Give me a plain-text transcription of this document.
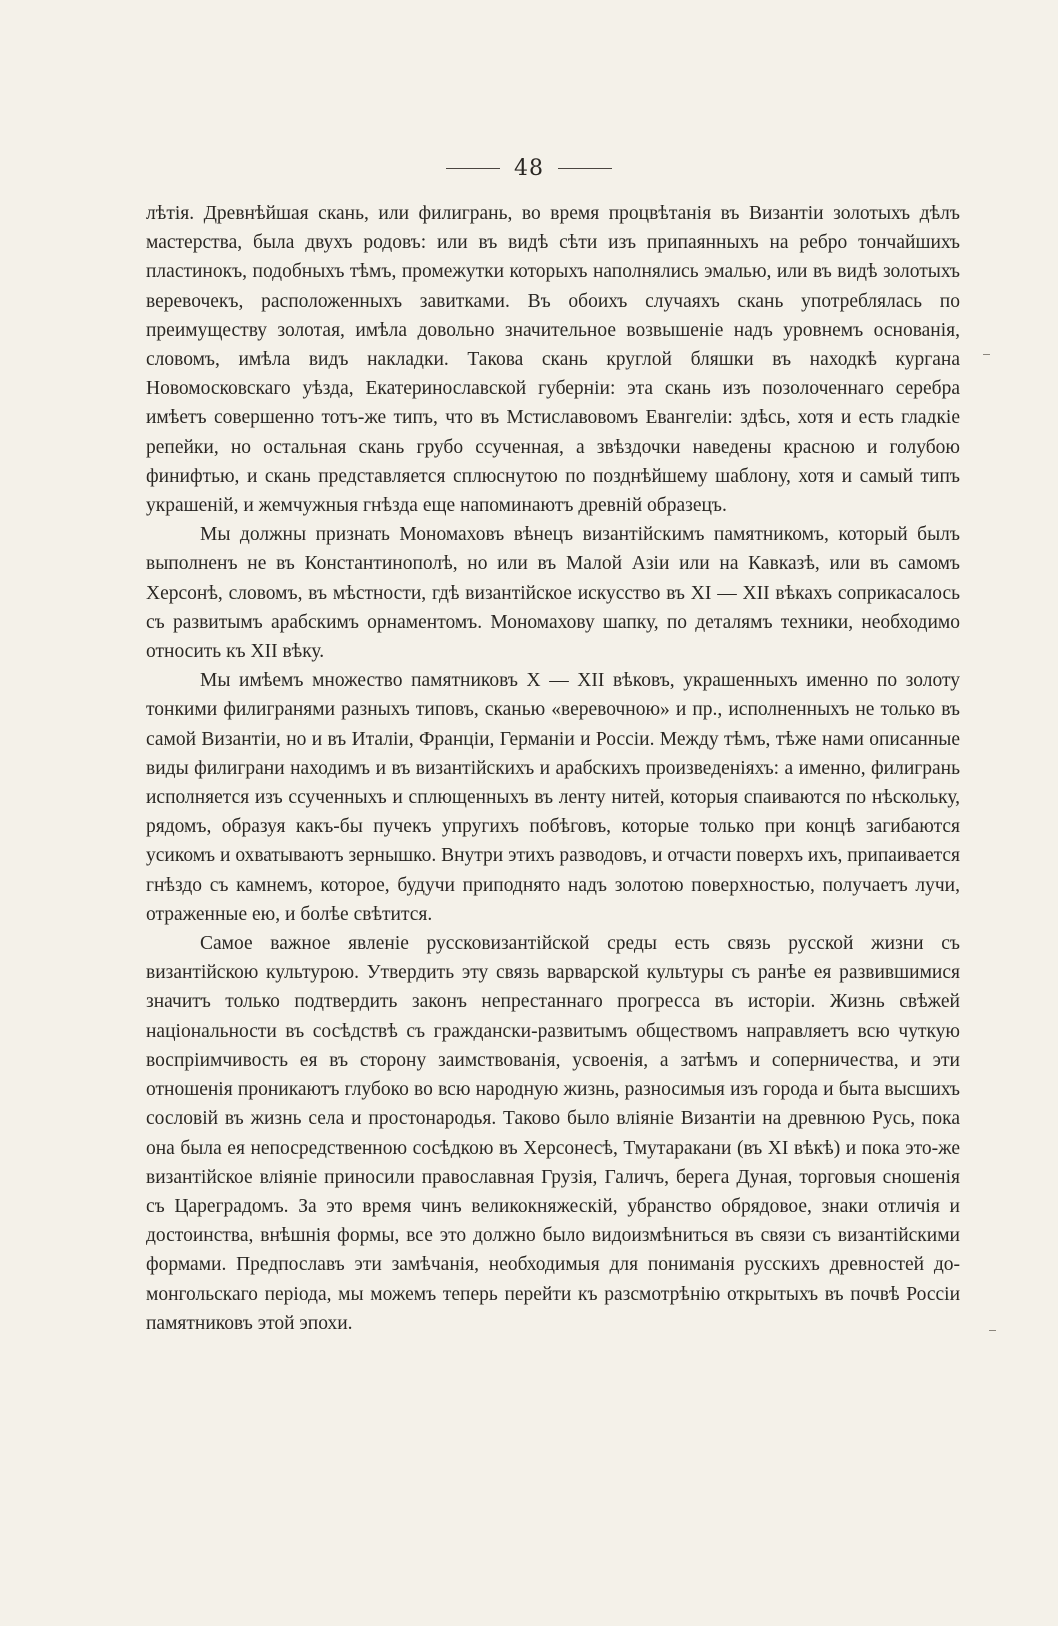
48

лѣтія. Древнѣйшая скань, или филигрань, во время процвѣтанія въ Византіи золотыхъ дѣлъ мастерства, была двухъ родовъ: или въ видѣ сѣти изъ припаянныхъ на ребро тончайшихъ пластинокъ, подобныхъ тѣмъ, промежутки которыхъ наполнялись эмалью, или въ видѣ золотыхъ веревочекъ, расположенныхъ завитками. Въ обоихъ случаяхъ скань употреблялась по преимуществу золотая, имѣла довольно значительное возвышеніе надъ уровнемъ основанія, словомъ, имѣла видъ накладки. Такова скань круглой бляшки въ находкѣ кургана Новомосковскаго уѣзда, Екатеринославской губерніи: эта скань изъ позолоченнаго серебра имѣетъ совершенно тотъ-же типъ, что въ Мстиславовомъ Евангеліи: здѣсь, хотя и есть гладкіе репейки, но остальная скань грубо ссученная, а звѣздочки наведены красною и голубою финифтью, и скань представляется сплюснутою по позднѣйшему шаблону, хотя и самый типъ украшеній, и жемчужныя гнѣзда еще напоминаютъ древній образецъ.

Мы должны признать Мономаховъ вѣнецъ византійскимъ памятникомъ, который былъ выполненъ не въ Константинополѣ, но или въ Малой Азіи или на Кавказѣ, или въ самомъ Херсонѣ, словомъ, въ мѣстности, гдѣ византійское искусство въ XI — XII вѣкахъ соприкасалось съ развитымъ арабскимъ орнаментомъ. Мономахову шапку, по деталямъ техники, необходимо относить къ XII вѣку.

Мы имѣемъ множество памятниковъ X — XII вѣковъ, украшенныхъ именно по золоту тонкими филигранями разныхъ типовъ, сканью «веревочною» и пр., исполненныхъ не только въ самой Византіи, но и въ Италіи, Франціи, Германіи и Россіи. Между тѣмъ, тѣже нами описанные виды филиграни находимъ и въ византійскихъ и арабскихъ произведеніяхъ: а именно, филигрань исполняется изъ ссученныхъ и сплющенныхъ въ ленту нитей, которыя спаиваются по нѣскольку, рядомъ, образуя какъ-бы пучекъ упругихъ побѣговъ, которые только при концѣ загибаются усикомъ и охватываютъ зернышко. Внутри этихъ разводовъ, и отчасти поверхъ ихъ, припаивается гнѣздо съ камнемъ, которое, будучи приподнято надъ золотою поверхностью, получаетъ лучи, отраженные ею, и болѣе свѣтится.

Самое важное явленіе русcковизантійской среды есть связь русской жизни съ византійскою культурою. Утвердить эту связь варварской культуры съ ранѣе ея развившимися значитъ только подтвердить законъ непрестаннаго прогресса въ исторіи. Жизнь свѣжей національности въ сосѣдствѣ съ граждански-развитымъ обществомъ направляетъ всю чуткую воспріимчивость ея въ сторону заимствованія, усвоенія, а затѣмъ и соперничества, и эти отношенія проникаютъ глубоко во всю народную жизнь, разносимыя изъ города и быта высшихъ сословій въ жизнь села и простонародья. Таково было вліяніе Византіи на древнюю Русь, пока она была ея непосредственною сосѣдкою въ Херсонесѣ, Тмутаракани (въ XI вѣкѣ) и пока это-же византійское вліяніе приносили православная Грузія, Галичъ, берега Дуная, торговыя сношенія съ Цареградомъ. За это время чинъ великокняжескій, убранство обрядовое, знаки отличія и достоинства, внѣшнія формы, все это должно было видоизмѣниться въ связи съ византійскими формами. Предпославъ эти замѣчанія, необходимыя для пониманія русскихъ древностей до-монгольскаго періода, мы можемъ теперь перейти къ разсмотрѣнію открытыхъ въ почвѣ Россіи памятниковъ этой эпохи.
